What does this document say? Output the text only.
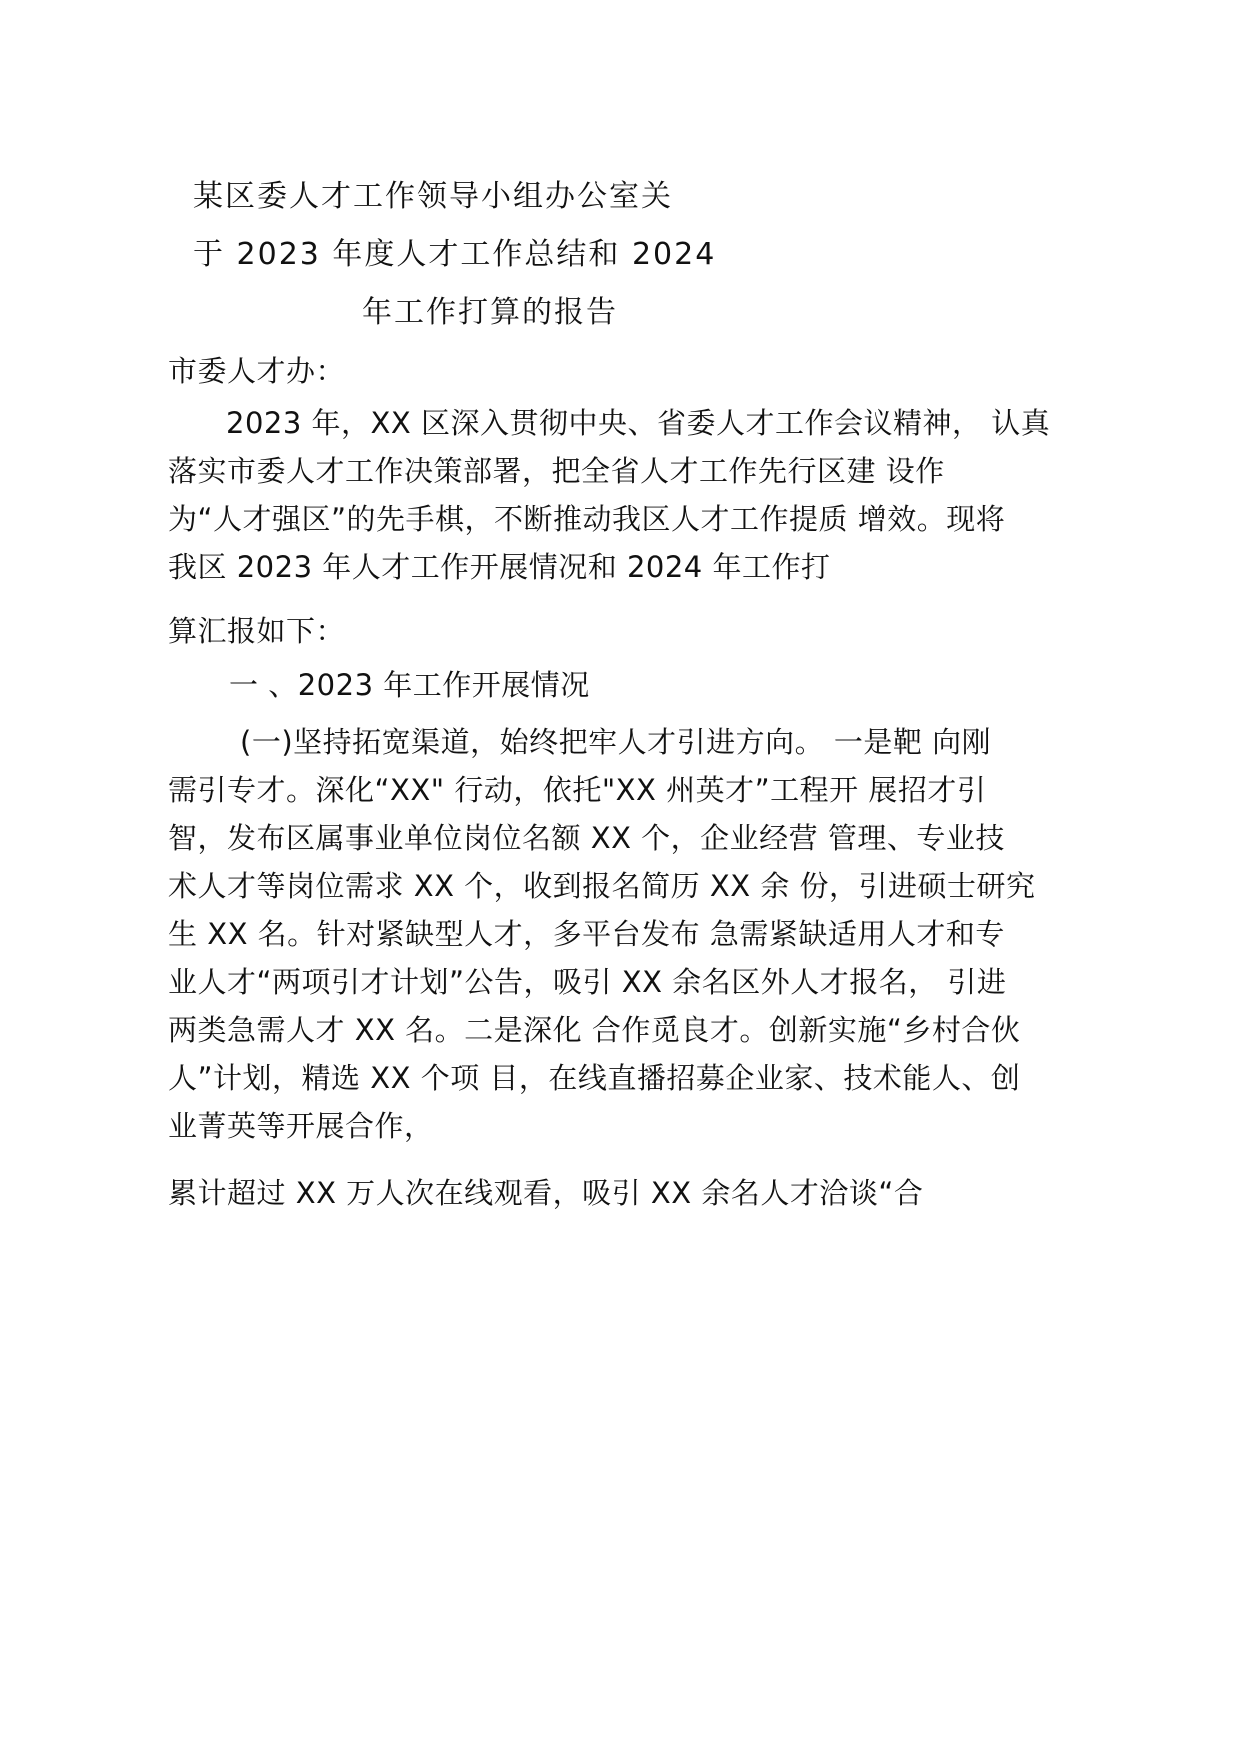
某区委人才工作领导小组办公室关
于 2023 年度人才工作总结和 2024
年工作打算的报告
市委人才办：
2023 年，XX 区深入贯彻中央、省委人才工作会议精神， 认真
落实市委人才工作决策部署，把全省人才工作先行区建 设作
为“人才强区”的先手棋，不断推动我区人才工作提质 增效。现将
我区 2023 年人才工作开展情况和 2024 年工作打
算汇报如下：
一 、2023 年工作开展情况
(一)坚持拓宽渠道，始终把牢人才引进方向。 一是靶 向刚
需引专才。深化“XX" 行动，依托"XX 州英才”工程开 展招才引
智，发布区属事业单位岗位名额 XX 个，企业经营 管理、专业技
术人才等岗位需求 XX 个，收到报名简历 XX 余 份，引进硕士研究
生 XX 名。针对紧缺型人才，多平台发布 急需紧缺适用人才和专
业人才“两项引才计划”公告，吸引 XX 余名区外人才报名， 引进
两类急需人才 XX 名。二是深化 合作觅良才。创新实施“乡村合伙
人”计划，精选 XX 个项 目，在线直播招募企业家、技术能人、创
业菁英等开展合作，
累计超过 XX 万人次在线观看，吸引 XX 余名人才洽谈“合
